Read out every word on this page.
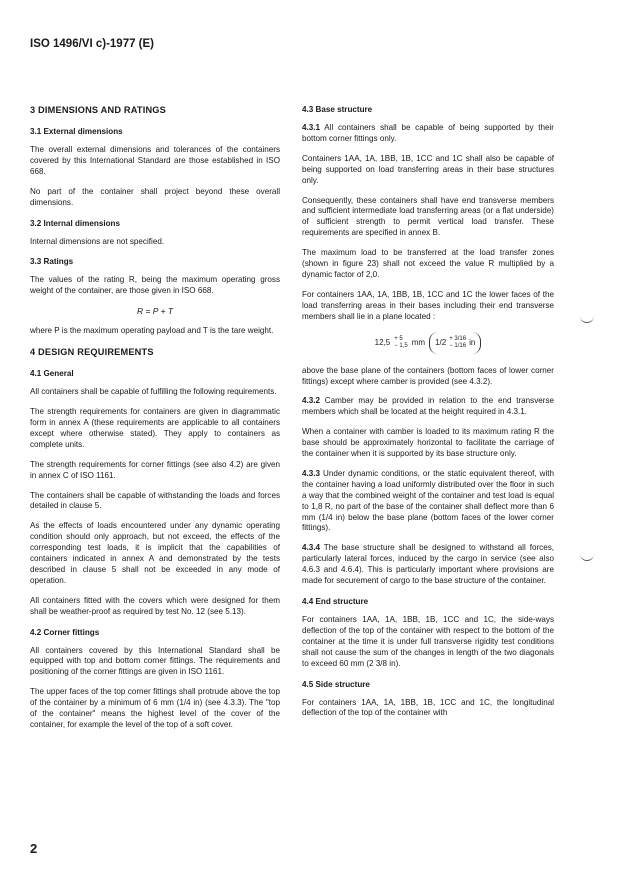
ISO 1496/VI c)-1977 (E)
3 DIMENSIONS AND RATINGS
3.1 External dimensions

The overall external dimensions and tolerances of the containers covered by this International Standard are those established in ISO 668.

No part of the container shall project beyond these overall dimensions.

3.2 Internal dimensions

Internal dimensions are not specified.

3.3 Ratings

The values of the rating R, being the maximum operating gross weight of the container, are those given in ISO 668.

R = P + T

where P is the maximum operating payload and T is the tare weight.

4 DESIGN REQUIREMENTS
4.1 General

All containers shall be capable of fulfilling the following requirements.

The strength requirements for containers are given in diagrammatic form in annex A (these requirements are applicable to all containers except where otherwise stated). They apply to containers as complete units.

The strength requirements for corner fittings (see also 4.2) are given in annex C of ISO 1161.

The containers shall be capable of withstanding the loads and forces detailed in clause 5.

As the effects of loads encountered under any dynamic operating condition should only approach, but not exceed, the effects of the corresponding test loads, it is implicit that the capabilities of containers indicated in annex A and demonstrated by the tests described in clause 5 shall not be exceeded in any mode of operation.

All containers fitted with the covers which were designed for them shall be weather-proof as required by test No. 12 (see 5.13).

4.2 Corner fittings

All containers covered by this International Standard shall be equipped with top and bottom corner fittings. The requirements and positioning of the corner fittings are given in ISO 1161.

The upper faces of the top corner fittings shall protrude above the top of the container by a minimum of 6 mm (1/4 in) (see 4.3.3). The "top of the container" means the highest level of the cover of the container, for example the level of the top of a soft cover.

4.3 Base structure

4.3.1 All containers shall be capable of being supported by their bottom corner fittings only.

Containers 1AA, 1A, 1BB, 1B, 1CC and 1C shall also be capable of being supported on load transferring areas in their base structures only.

Consequently, these containers shall have end transverse members and sufficient intermediate load transferring areas (or a flat underside) of sufficient strength to permit vertical load transfer. These requirements are specified in annex B.

The maximum load to be transferred at the load transfer zones (shown in figure 23) shall not exceed the value R multiplied by a dynamic factor of 2,0.

For containers 1AA, 1A, 1BB, 1B, 1CC and 1C the lower faces of the load transferring areas in their bases including their end transverse members shall lie in a plane located :

12,5 + 5
− 1,5 mm 1/2 + 3/16
− 1/16 in

above the base plane of the containers (bottom faces of lower corner fittings) except where camber is provided (see 4.3.2).

4.3.2 Camber may be provided in relation to the end transverse members which shall be located at the height required in 4.3.1.

When a container with camber is loaded to its maximum rating R the base should be approximately horizontal to facilitate the carriage of the container when it is supported by its base structure only.

4.3.3 Under dynamic conditions, or the static equivalent thereof, with the container having a load uniformly distributed over the floor in such a way that the combined weight of the container and test load is equal to 1,8 R, no part of the base of the container shall deflect more than 6 mm (1/4 in) below the base plane (bottom faces of the lower corner fittings).

4.3.4 The base structure shall be designed to withstand all forces, particularly lateral forces, induced by the cargo in service (see also 4.6.3 and 4.6.4). This is particularly important where provisions are made for securement of cargo to the base structure of the container.

4.4 End structure

For containers 1AA, 1A, 1BB, 1B, 1CC and 1C, the side-ways deflection of the top of the container with respect to the bottom of the container at the time it is under full transverse rigidity test conditions shall not cause the sum of the changes in length of the two diagonals to exceed 60 mm (2 3/8 in).

4.5 Side structure

For containers 1AA, 1A, 1BB, 1B, 1CC and 1C, the longitudinal deflection of the top of the container with

2
